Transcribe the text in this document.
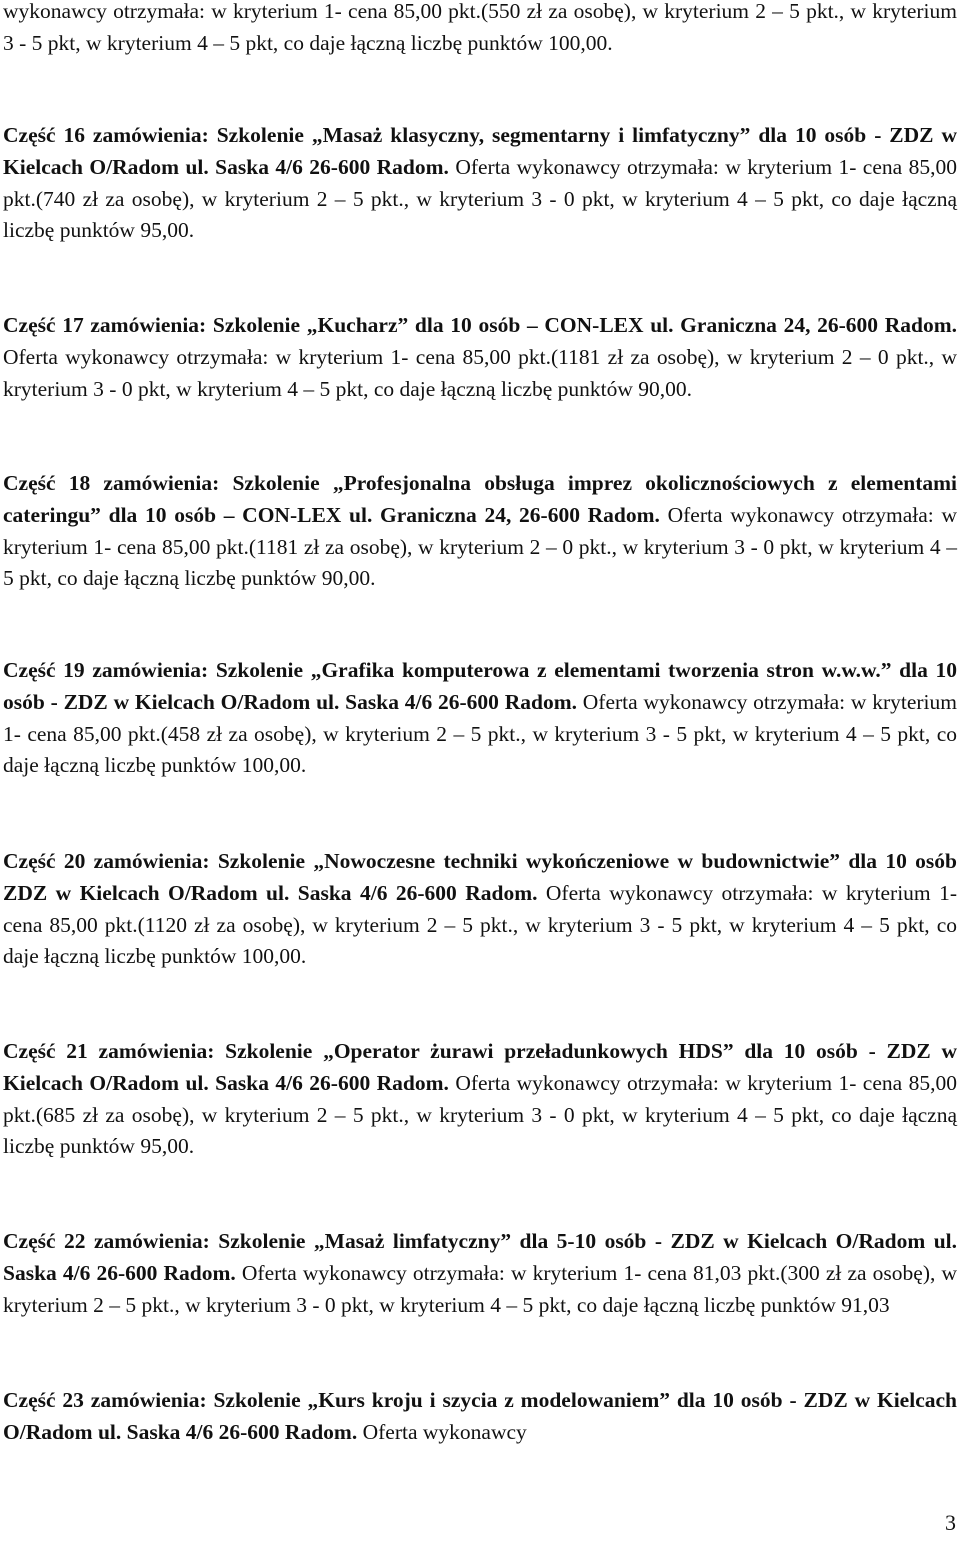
wykonawcy otrzymała: w kryterium 1- cena 85,00 pkt.(550 zł za osobę), w kryterium 2 – 5 pkt., w kryterium 3 - 5 pkt, w kryterium 4 – 5 pkt, co daje łączną liczbę punktów 100,00.

Część 16 zamówienia: Szkolenie „Masaż klasyczny, segmentarny i limfatyczny” dla 10 osób - ZDZ w Kielcach O/Radom ul. Saska 4/6 26-600 Radom. Oferta wykonawcy otrzymała: w kryterium 1- cena 85,00 pkt.(740 zł za osobę), w kryterium 2 – 5 pkt., w kryterium 3 - 0 pkt, w kryterium 4 – 5 pkt, co daje łączną liczbę punktów 95,00.

Część 17 zamówienia: Szkolenie „Kucharz” dla 10 osób – CON-LEX ul. Graniczna 24, 26-600 Radom. Oferta wykonawcy otrzymała: w kryterium 1- cena 85,00 pkt.(1181 zł za osobę), w kryterium 2 – 0 pkt., w kryterium 3 - 0 pkt, w kryterium 4 – 5 pkt, co daje łączną liczbę punktów 90,00.

Część 18 zamówienia: Szkolenie „Profesjonalna obsługa imprez okolicznościowych z elementami cateringu” dla 10 osób – CON-LEX ul. Graniczna 24, 26-600 Radom. Oferta wykonawcy otrzymała: w kryterium 1- cena 85,00 pkt.(1181 zł za osobę), w kryterium 2 – 0 pkt., w kryterium 3 - 0 pkt, w kryterium 4 – 5 pkt, co daje łączną liczbę punktów 90,00.

Część 19 zamówienia: Szkolenie „Grafika komputerowa z elementami tworzenia stron w.w.w.” dla 10 osób - ZDZ w Kielcach O/Radom ul. Saska 4/6 26-600 Radom. Oferta wykonawcy otrzymała: w kryterium 1- cena 85,00 pkt.(458 zł za osobę), w kryterium 2 – 5 pkt., w kryterium 3 - 5 pkt, w kryterium 4 – 5 pkt, co daje łączną liczbę punktów 100,00.

Część 20 zamówienia: Szkolenie „Nowoczesne techniki wykończeniowe w budownictwie” dla 10 osób ZDZ w Kielcach O/Radom ul. Saska 4/6 26-600 Radom. Oferta wykonawcy otrzymała: w kryterium 1- cena 85,00 pkt.(1120 zł za osobę), w kryterium 2 – 5 pkt., w kryterium 3 - 5 pkt, w kryterium 4 – 5 pkt, co daje łączną liczbę punktów 100,00.

Część 21 zamówienia: Szkolenie „Operator żurawi przeładunkowych HDS” dla 10 osób - ZDZ w Kielcach O/Radom ul. Saska 4/6 26-600 Radom. Oferta wykonawcy otrzymała: w kryterium 1- cena 85,00 pkt.(685 zł za osobę), w kryterium 2 – 5 pkt., w kryterium 3 - 0 pkt, w kryterium 4 – 5 pkt, co daje łączną liczbę punktów 95,00.

Część 22 zamówienia: Szkolenie „Masaż limfatyczny” dla 5-10 osób - ZDZ w Kielcach O/Radom ul. Saska 4/6 26-600 Radom. Oferta wykonawcy otrzymała: w kryterium 1- cena 81,03 pkt.(300 zł za osobę), w kryterium 2 – 5 pkt., w kryterium 3 - 0 pkt, w kryterium 4 – 5 pkt, co daje łączną liczbę punktów 91,03

Część 23 zamówienia: Szkolenie „Kurs kroju i szycia z modelowaniem” dla 10 osób - ZDZ w Kielcach O/Radom ul. Saska 4/6 26-600 Radom. Oferta wykonawcy

3
